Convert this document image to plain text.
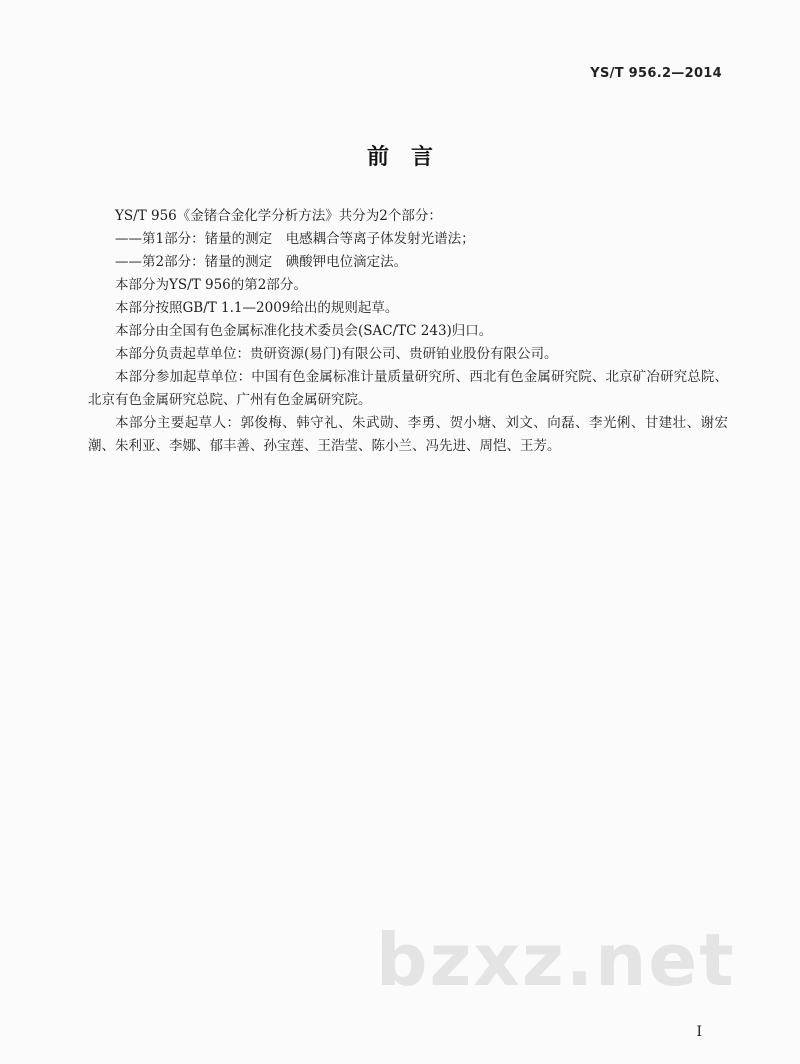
YS/T 956.2—2014
前言

YS/T 956《金锗合金化学分析方法》共分为2个部分：

——第1部分：锗量的测定　电感耦合等离子体发射光谱法；

——第2部分：锗量的测定　碘酸钾电位滴定法。

本部分为YS/T 956的第2部分。

本部分按照GB/T 1.1—2009给出的规则起草。

本部分由全国有色金属标准化技术委员会(SAC/TC 243)归口。

本部分负责起草单位：贵研资源(易门)有限公司、贵研铂业股份有限公司。

本部分参加起草单位：中国有色金属标准计量质量研究所、西北有色金属研究院、北京矿冶研究总院、北京有色金属研究总院、广州有色金属研究院。

本部分主要起草人：郭俊梅、韩守礼、朱武勋、李勇、贺小塘、刘文、向磊、李光俐、甘建壮、谢宏潮、朱利亚、李娜、郁丰善、孙宝莲、王浩莹、陈小兰、冯先进、周恺、王芳。

bzxz.net
I
